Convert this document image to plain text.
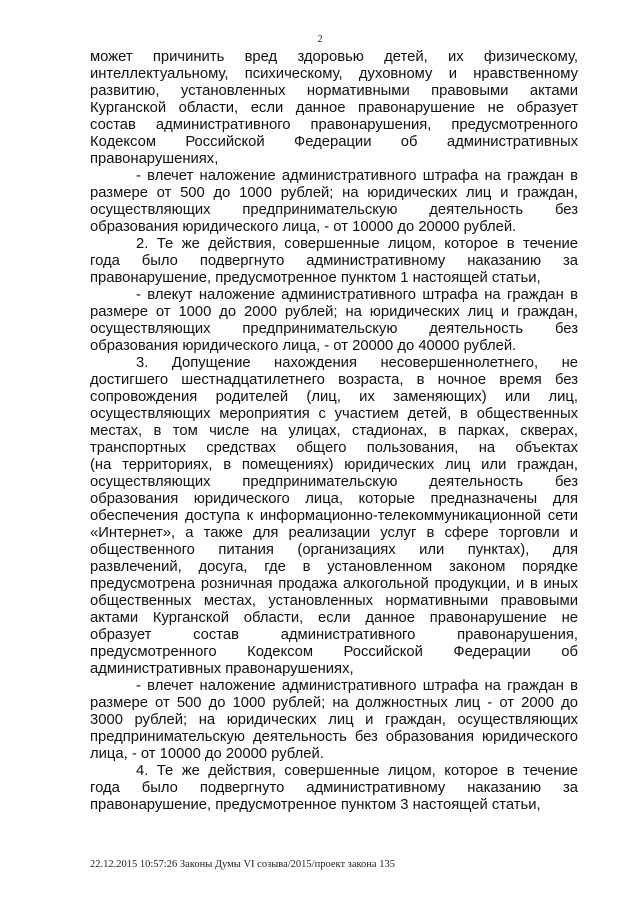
2

может причинить вред здоровью детей, их физическому,

интеллектуальному, психическому, духовному и нравственному

развитию, установленных нормативными правовыми актами

Курганской области, если данное правонарушение не образует

состав административного правонарушения, предусмотренного

Кодексом Российской Федерации об административных

правонарушениях,

- влечет наложение административного штрафа на граждан в

размере от 500 до 1000 рублей; на юридических лиц и граждан,

осуществляющих предпринимательскую деятельность без

образования юридического лица, - от 10000 до 20000 рублей.

2. Те же действия, совершенные лицом, которое в течение

года было подвергнуто административному наказанию за

правонарушение, предусмотренное пунктом 1 настоящей статьи,

- влекут наложение административного штрафа на граждан в

размере от 1000 до 2000 рублей; на юридических лиц и граждан,

осуществляющих предпринимательскую деятельность без

образования юридического лица, - от 20000 до 40000 рублей.

3. Допущение нахождения несовершеннолетнего, не

достигшего шестнадцатилетнего возраста, в ночное время без

сопровождения родителей (лиц, их заменяющих) или лиц,

осуществляющих мероприятия с участием детей, в общественных

местах, в том числе на улицах, стадионах, в парках, скверах,

транспортных средствах общего пользования, на объектах

(на территориях, в помещениях) юридических лиц или граждан,

осуществляющих предпринимательскую деятельность без

образования юридического лица, которые предназначены для

обеспечения доступа к информационно-телекоммуникационной сети

«Интернет», а также для реализации услуг в сфере торговли и

общественного питания (организациях или пунктах), для

развлечений, досуга, где в установленном законом порядке

предусмотрена розничная продажа алкогольной продукции, и в иных

общественных местах, установленных нормативными правовыми

актами Курганской области, если данное правонарушение не

образует состав административного правонарушения,

предусмотренного Кодексом Российской Федерации об

административных правонарушениях,

- влечет наложение административного штрафа на граждан в

размере от 500 до 1000 рублей; на должностных лиц - от 2000 до

3000 рублей; на юридических лиц и граждан, осуществляющих

предпринимательскую деятельность без образования юридического

лица, - от 10000 до 20000 рублей.

4. Те же действия, совершенные лицом, которое в течение

года было подвергнуто административному наказанию за

правонарушение, предусмотренное пунктом 3 настоящей статьи,

22.12.2015 10:57:26 Законы Думы VI созыва/2015/проект закона 135
